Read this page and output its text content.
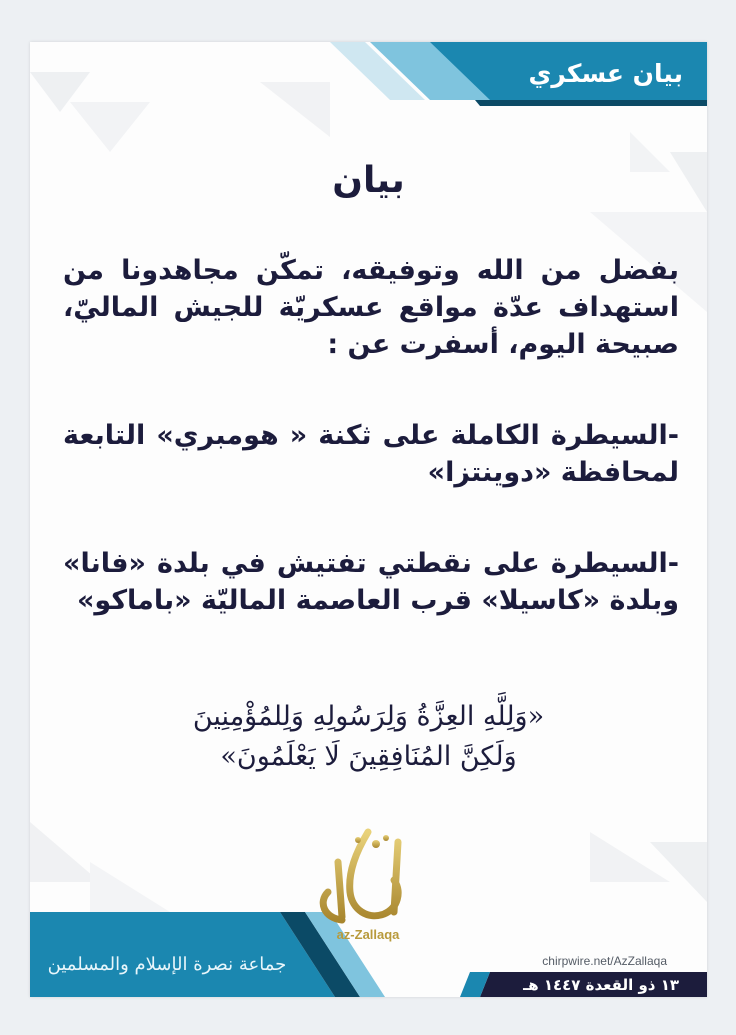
بيان عسكري
بيان

بفضل من الله وتوفيقه، تمكّن مجاهدونا من استهداف عدّة مواقع عسكريّة للجيش الماليّ، صبيحة اليوم، أسفرت عن :

-السيطرة الكاملة على ثكنة « هومبري» التابعة لمحافظة «دوينتزا»

-السيطرة على نقطتي تفتيش في بلدة «فانا» وبلدة «كاسيلا» قرب العاصمة الماليّة «باماكو»

«وَلِلَّهِ العِزَّةُ وَلِرَسُولِهِ وَلِلمُؤْمِنِينَ
وَلَكِنَّ المُنَافِقِينَ لَا يَعْلَمُونَ»
az-Zallaqa
جماعة نصرة الإسلام والمسلمين	chirpwire.net/AzZallaqa
١٣ ذو القعدة ١٤٤٧ هـ
